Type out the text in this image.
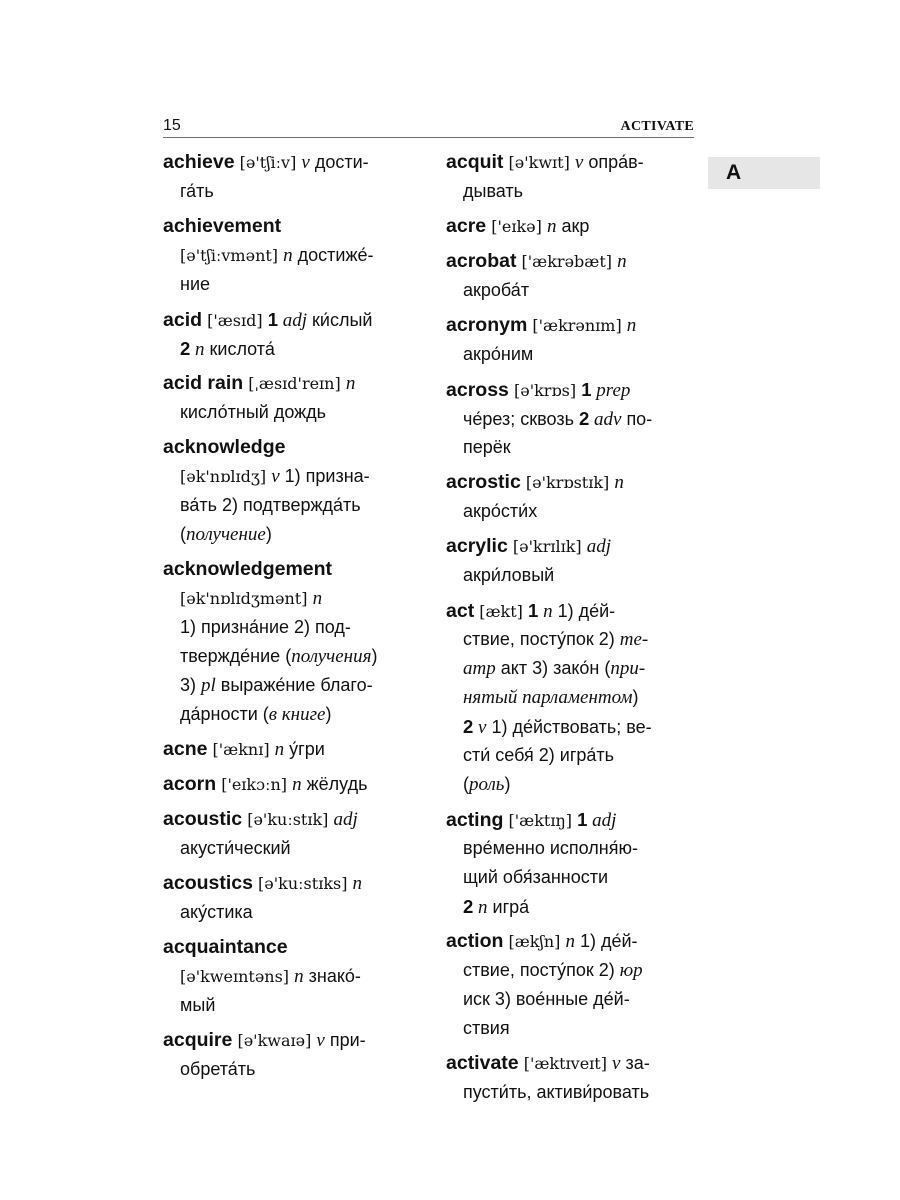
15	ACTIVATE
A
achieve [ə'tʃiːv] v дости-
га́ть
achievement
[ə'tʃiːvmənt] n достиже́-
ние
acid ['æsɪd] 1 adj ки́слый
2 n кислота́
acid rain [ˌæsɪd'reɪn] n
кисло́тный дождь
acknowledge
[ək'nɒlɪdʒ] v 1) призна-
ва́ть 2) подтвержда́ть
(получение)
acknowledgement
[ək'nɒlɪdʒmənt] n
1) призна́ние 2) под-
твержде́ние (получения)
3) pl выраже́ние благо-
да́рности (в книге)
acne ['æknɪ] n у́гри
acorn ['eɪkɔːn] n жёлудь
acoustic [ə'kuːstɪk] adj
акусти́ческий
acoustics [ə'kuːstɪks] n
аку́стика
acquaintance
[ə'kweɪntəns] n знако́-
мый
acquire [ə'kwaɪə] v при-
обрета́ть
acquit [ə'kwɪt] v опра́в-
дывать
acre ['eɪkə] n акр
acrobat ['ækrəbæt] n
акроба́т
acronym ['ækrənɪm] n
акро́ним
across [ə'krɒs] 1 prep
че́рез; сквозь 2 adv по-
перёк
acrostic [ə'krɒstɪk] n
акро́сти́х
acrylic [ə'krɪlɪk] adj
акри́ловый
act [ækt] 1 n 1) де́й-
ствие, посту́пок 2) те-
атр акт 3) зако́н (при-
нятый парламентом)
2 v 1) де́йствовать; ве-
сти́ себя́ 2) игра́ть
(роль)
acting ['æktɪŋ] 1 adj
вре́менно исполня́ю-
щий обя́занности
2 n игра́
action [ækʃn] n 1) де́й-
ствие, посту́пок 2) юр
иск 3) вое́нные де́й-
ствия
activate ['æktɪveɪt] v за-
пусти́ть, активи́ровать
